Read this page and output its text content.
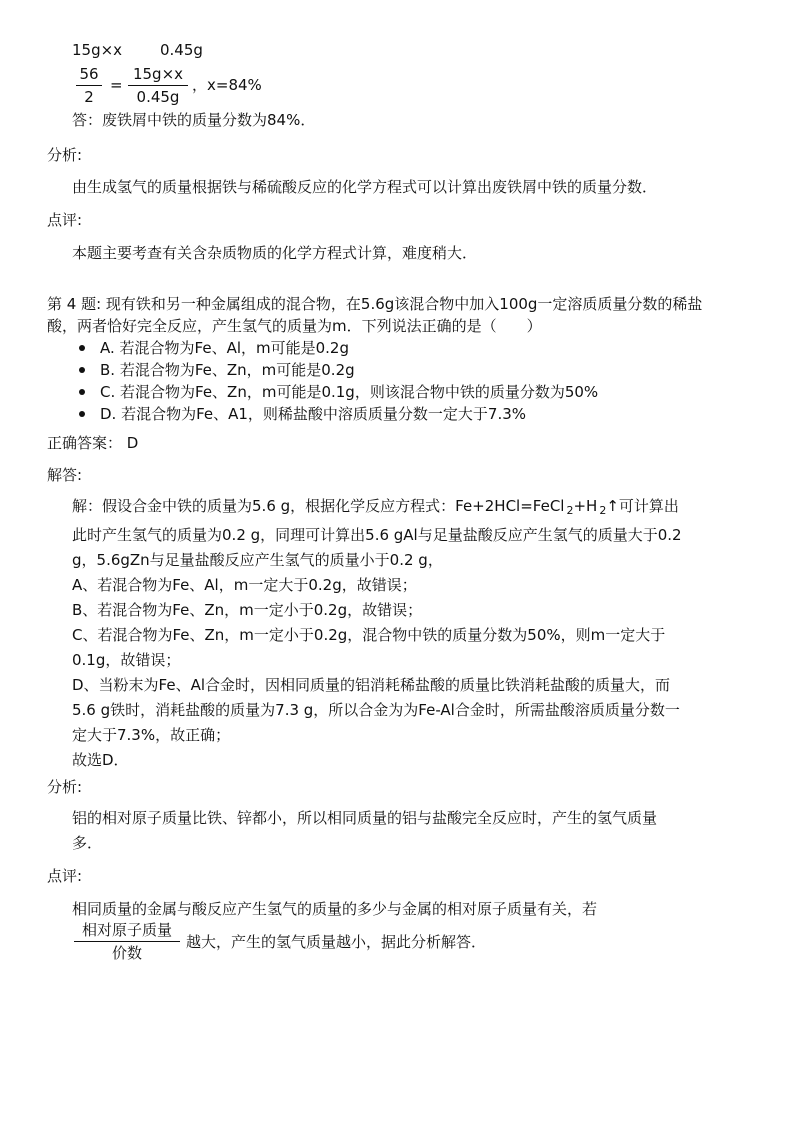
15g×x	0.45g
56
2
=
15g×x
0.45g
，x=84%
答：废铁屑中铁的质量分数为84%．
分析:
由生成氢气的质量根据铁与稀硫酸反应的化学方程式可以计算出废铁屑中铁的质量分数．
点评:
本题主要考查有关含杂质物质的化学方程式计算，难度稍大．
第 4 题: 现有铁和另一种金属组成的混合物，在5.6g该混合物中加入100g一定溶质质量分数的稀盐
酸，两者恰好完全反应，产生氢气的质量为m．下列说法正确的是（　　）
A. 若混合物为Fe、Al，m可能是0.2g
B. 若混合物为Fe、Zn，m可能是0.2g
C. 若混合物为Fe、Zn，m可能是0.1g，则该混合物中铁的质量分数为50%
D. 若混合物为Fe、A1，则稀盐酸中溶质质量分数一定大于7.3%
正确答案： D
解答:
解：假设合金中铁的质量为5.6 g，根据化学反应方程式：Fe+2HCl=FeCl $_2$+H $_2$↑可计算出
此时产生氢气的质量为0.2 g，同理可计算出5.6 gAl与足量盐酸反应产生氢气的质量大于0.2
g，5.6gZn与足量盐酸反应产生氢气的质量小于0.2 g，
A、若混合物为Fe、Al，m一定大于0.2g，故错误；
B、若混合物为Fe、Zn，m一定小于0.2g，故错误；
C、若混合物为Fe、Zn，m一定小于0.2g，混合物中铁的质量分数为50%，则m一定大于
0.1g，故错误；
D、当粉末为Fe、Al合金时，因相同质量的铝消耗稀盐酸的质量比铁消耗盐酸的质量大，而
5.6 g铁时，消耗盐酸的质量为7.3 g，所以合金为为Fe-Al合金时，所需盐酸溶质质量分数一
定大于7.3%，故正确；
故选D．
分析:
铝的相对原子质量比铁、锌都小，所以相同质量的铝与盐酸完全反应时，产生的氢气质量
多．
点评:
相同质量的金属与酸反应产生氢气的质量的多少与金属的相对原子质量有关，若
相对原子质量
价数
越大，产生的氢气质量越小，据此分析解答．
